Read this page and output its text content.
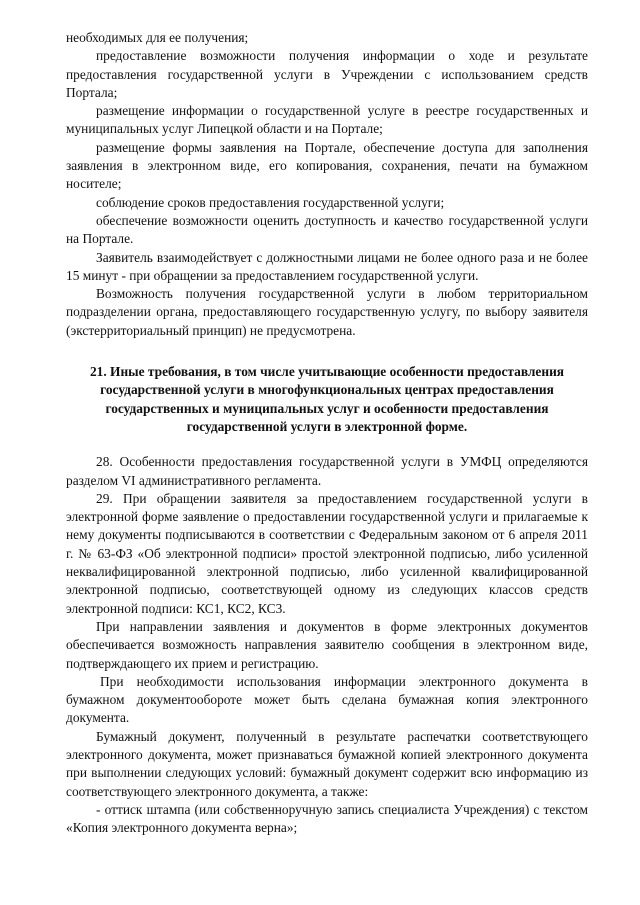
необходимых для ее получения;

предоставление возможности получения информации о ходе и результате предоставления государственной услуги в Учреждении с использованием средств Портала;

размещение информации о государственной услуге в реестре государственных и муниципальных услуг Липецкой области и на Портале;

размещение формы заявления на Портале, обеспечение доступа для заполнения заявления в электронном виде, его копирования, сохранения, печати на бумажном носителе;

соблюдение сроков предоставления государственной услуги;

обеспечение возможности оценить доступность и качество государственной услуги на Портале.

Заявитель взаимодействует с должностными лицами не более одного раза и не более 15 минут - при обращении за предоставлением государственной услуги.

Возможность получения государственной услуги в любом территориальном подразделении органа, предоставляющего государственную услугу, по выбору заявителя (экстерриториальный принцип) не предусмотрена.

21. Иные требования, в том числе учитывающие особенности предоставления государственной услуги в многофункциональных центрах предоставления государственных и муниципальных услуг и особенности предоставления государственной услуги в электронной форме.

28. Особенности предоставления государственной услуги в УМФЦ определяются разделом VI административного регламента.

29. При обращении заявителя за предоставлением государственной услуги в электронной форме заявление о предоставлении государственной услуги и прилагаемые к нему документы подписываются в соответствии с Федеральным законом от 6 апреля 2011 г. № 63-ФЗ «Об электронной подписи» простой электронной подписью, либо усиленной неквалифицированной электронной подписью, либо усиленной квалифицированной электронной подписью, соответствующей одному из следующих классов средств электронной подписи: КС1, КС2, КС3.

При направлении заявления и документов в форме электронных документов обеспечивается возможность направления заявителю сообщения в электронном виде, подтверждающего их прием и регистрацию.

При необходимости использования информации электронного документа в бумажном документообороте может быть сделана бумажная копия электронного документа.

Бумажный документ, полученный в результате распечатки соответствующего электронного документа, может признаваться бумажной копией электронного документа при выполнении следующих условий: бумажный документ содержит всю информацию из соответствующего электронного документа, а также:

- оттиск штампа (или собственноручную запись специалиста Учреждения) с текстом «Копия электронного документа верна»;
